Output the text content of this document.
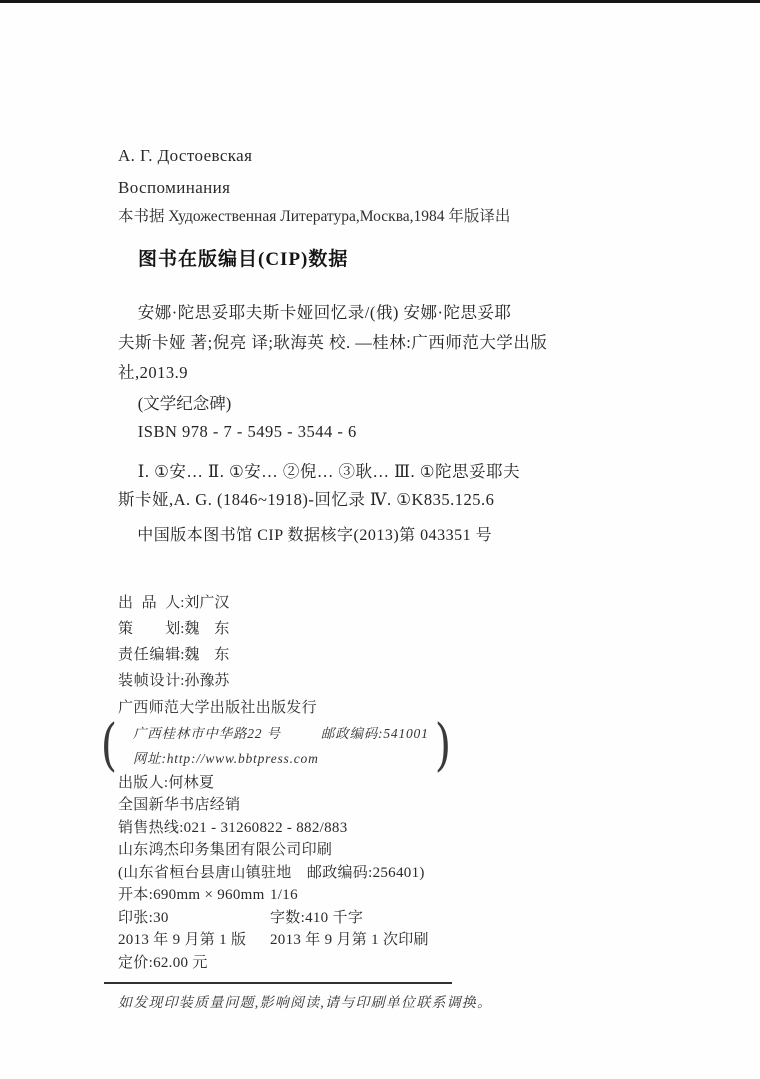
А. Г. Достоевская
Воспоминания
本书据 Художественная Литература,Москва,1984 年版译出
图书在版编目(CIP)数据
安娜·陀思妥耶夫斯卡娅回忆录/(俄) 安娜·陀思妥耶
夫斯卡娅 著;倪亮 译;耿海英 校. —桂林:广西师范大学出版
社,2013.9
(文学纪念碑)
ISBN 978 - 7 - 5495 - 3544 - 6
Ⅰ. ①安… Ⅱ. ①安… ②倪… ③耿… Ⅲ. ①陀思妥耶夫
斯卡娅,A. G. (1846~1918)-回忆录 Ⅳ. ①K835.125.6
中国版本图书馆 CIP 数据核字(2013)第 043351 号
出品人:刘广汉
策划:魏　东
责任编辑:魏　东
装帧设计:孙豫苏
广西师范大学出版社出版发行
(	广西桂林市中华路22 号	邮政编码:541001
网址:http://www.bbtpress.com	)
出版人:何林夏
全国新华书店经销
销售热线:021 - 31260822 - 882/883
山东鸿杰印务集团有限公司印刷
(山东省桓台县唐山镇驻地　邮政编码:256401)
开本:690mm × 960mm 1/16
印张:30	字数:410 千字
2013 年 9 月第 1 版 2013 年 9 月第 1 次印刷
定价:62.00 元
如发现印装质量问题,影响阅读,请与印刷单位联系调换。
